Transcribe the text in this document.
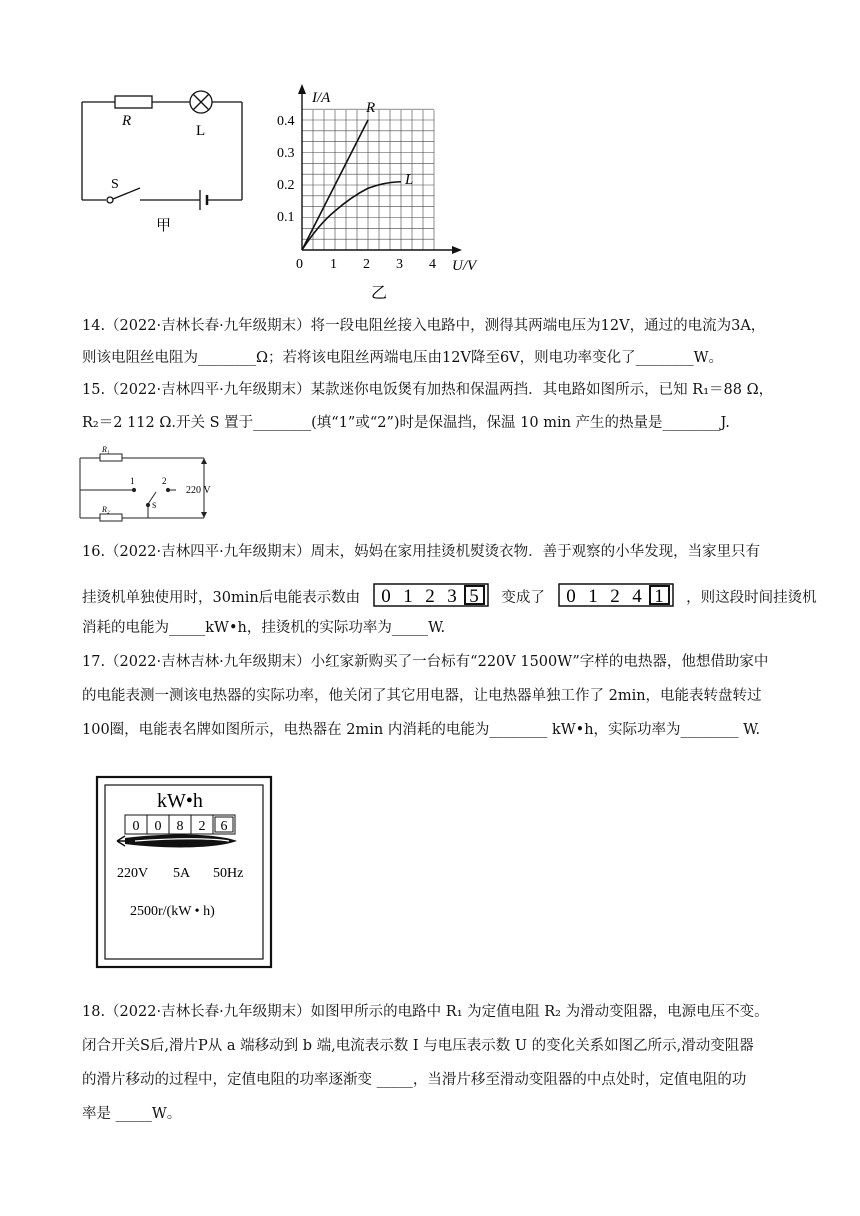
R
L
S
甲
I/A
U/V
0.4
0.3
0.2
0.1
0 1 2 3 4
R
L
乙
14.（2022·吉林长春·九年级期末）将一段电阻丝接入电路中，测得其两端电压为12V，通过的电流为3A，
则该电阻丝电阻为________Ω；若将该电阻丝两端电压由12V降至6V，则电功率变化了________W。
15.（2022·吉林四平·九年级期末）某款迷你电饭煲有加热和保温两挡．其电路如图所示，已知 R₁＝88 Ω，
R₂＝2 112 Ω.开关 S 置于________(填“1”或“2”)时是保温挡，保温 10 min 产生的热量是________J.
R₁
R₂
1	2
S
220 V
16.（2022·吉林四平·九年级期末）周末，妈妈在家用挂烫机熨烫衣物．善于观察的小华发现，当家里只有
挂烫机单独使用时，30min后电能表示数由 0 1 2 3 5 变成了 0 1 2 4 1 ，则这段时间挂烫机
消耗的电能为_____kW•h，挂烫机的实际功率为_____W.
17.（2022·吉林吉林·九年级期末）小红家新购买了一台标有“220V 1500W”字样的电热器，他想借助家中
的电能表测一测该电热器的实际功率，他关闭了其它用电器，让电热器单独工作了 2min，电能表转盘转过
100圈，电能表名牌如图所示，电热器在 2min 内消耗的电能为________ kW•h，实际功率为________ W.
kW•h
0 0 8 2 6
220V 5A 50Hz
2500r/(kW • h)
18.（2022·吉林长春·九年级期末）如图甲所示的电路中 R₁ 为定值电阻 R₂ 为滑动变阻器，电源电压不变。
闭合开关S后,滑片P从 a 端移动到 b 端,电流表示数 I 与电压表示数 U 的变化关系如图乙所示,滑动变阻器
的滑片移动的过程中，定值电阻的功率逐渐变 _____，当滑片移至滑动变阻器的中点处时，定值电阻的功
率是 _____W。
